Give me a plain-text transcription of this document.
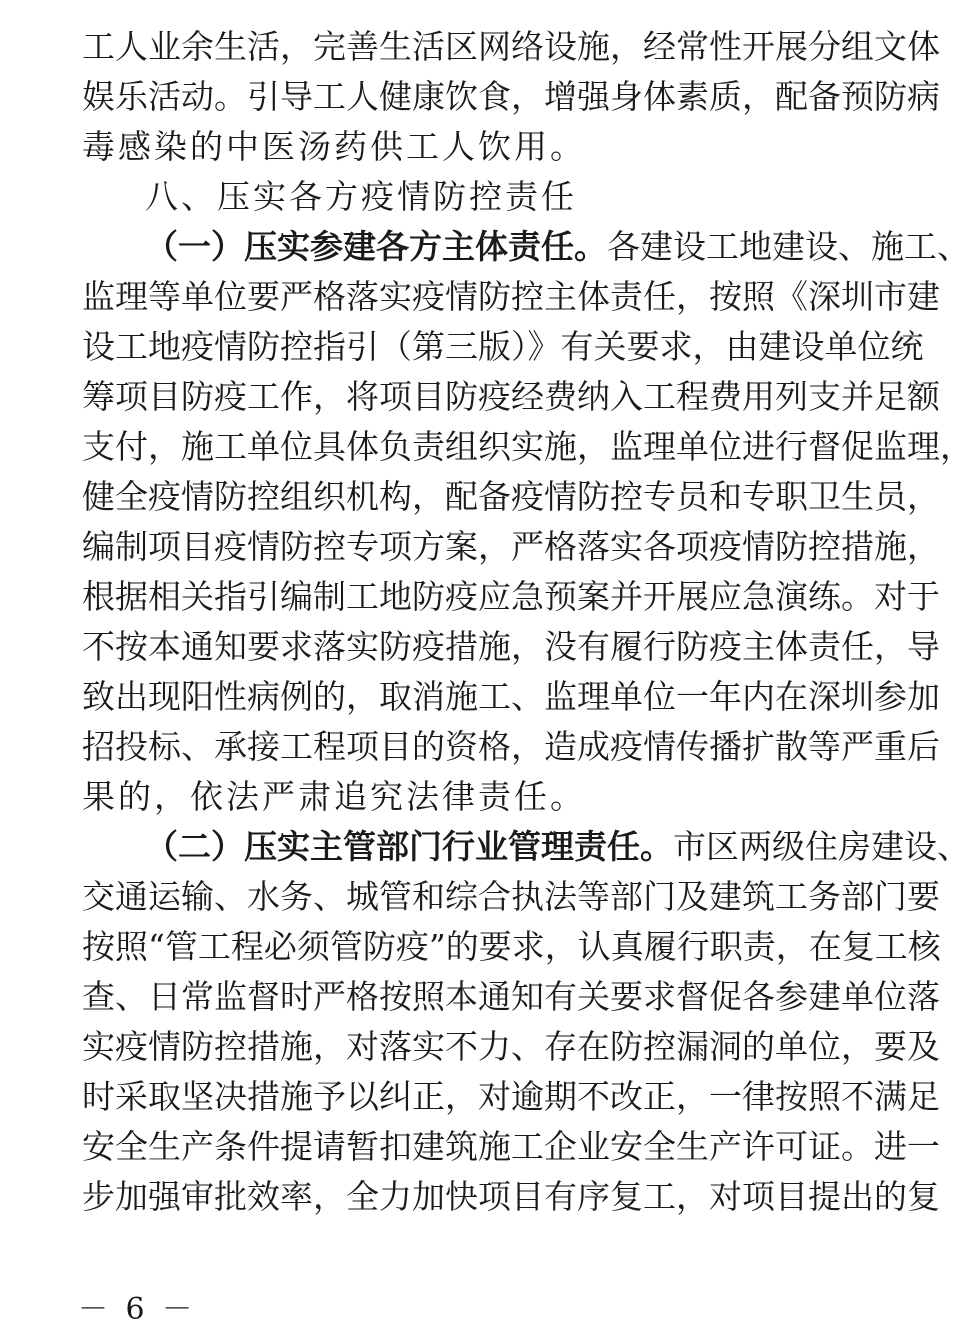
工人业余生活，完善生活区网络设施，经常性开展分组文体
娱乐活动。引导工人健康饮食，增强身体素质，配备预防病
毒感染的中医汤药供工人饮用。
八、压实各方疫情防控责任
（一）压实参建各方主体责任。各建设工地建设、施工、
监理等单位要严格落实疫情防控主体责任，按照《深圳市建
设工地疫情防控指引（第三版）》有关要求，由建设单位统
筹项目防疫工作，将项目防疫经费纳入工程费用列支并足额
支付，施工单位具体负责组织实施，监理单位进行督促监理，
健全疫情防控组织机构，配备疫情防控专员和专职卫生员，
编制项目疫情防控专项方案，严格落实各项疫情防控措施，
根据相关指引编制工地防疫应急预案并开展应急演练。对于
不按本通知要求落实防疫措施，没有履行防疫主体责任，导
致出现阳性病例的，取消施工、监理单位一年内在深圳参加
招投标、承接工程项目的资格，造成疫情传播扩散等严重后
果的，依法严肃追究法律责任。
（二）压实主管部门行业管理责任。市区两级住房建设、
交通运输、水务、城管和综合执法等部门及建筑工务部门要
按照“管工程必须管防疫”的要求，认真履行职责，在复工核
查、日常监督时严格按照本通知有关要求督促各参建单位落
实疫情防控措施，对落实不力、存在防控漏洞的单位，要及
时采取坚决措施予以纠正，对逾期不改正，一律按照不满足
安全生产条件提请暂扣建筑施工企业安全生产许可证。进一
步加强审批效率，全力加快项目有序复工，对项目提出的复
－ 6 －
